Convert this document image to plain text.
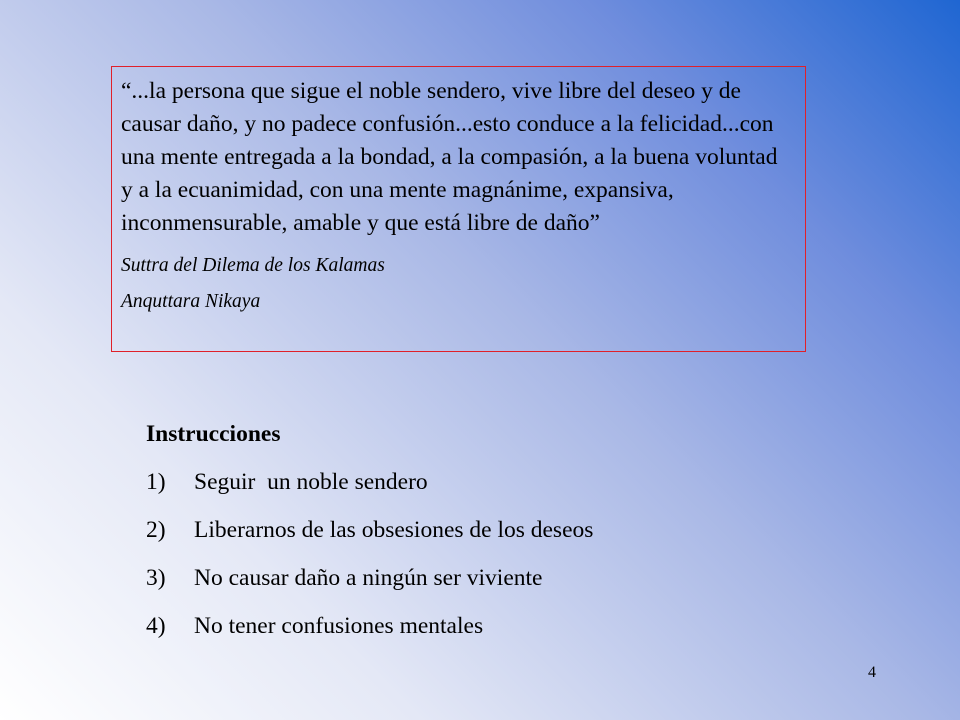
“...la persona que sigue el noble sendero, vive libre del deseo y de causar daño, y no padece confusión...esto conduce a la felicidad...con una mente entregada a la bondad, a la compasión, a la buena voluntad y a la ecuanimidad, con una mente magnánime, expansiva, inconmensurable, amable y que está libre de daño”

Suttra del Dilema de los Kalamas

Anquttara Nikaya

Instrucciones

1)	Seguir  un noble sendero
2)	Liberarnos de las obsesiones de los deseos
3)	No causar daño a ningún ser viviente
4)	No tener confusiones mentales
4
